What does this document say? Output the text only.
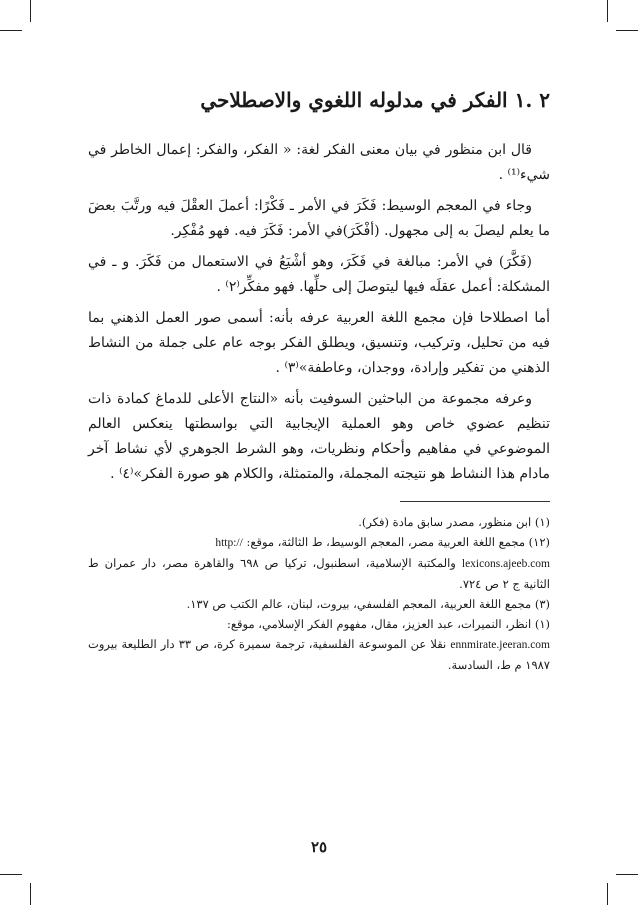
٢ .١ الفكر في مدلوله اللغوي والاصطلاحي

قال ابن منظور في بيان معنى الفكر لغة: « الفكر، والفكر: إعمال الخاطر في شيء⁽¹⁾ .

وجاء في المعجم الوسيط: فَكَرَ في الأمر ـ فَكْرًا: أعملَ العقْلَ فيه ورتَّبَ بعضَ ما يعلم ليصلَ به إلى مجهول. (أفْكَرَ)في الأمر: فَكَرَ فيه. فهو مُفْكِر.

(فَكَّرَ) في الأمر: مبالغة في فَكَرَ، وهو أشْيَعُ في الاستعمال من فَكَرَ. و ـ في المشكلة: أعمل عقلَه فيها ليتوصلَ إلى حلِّها. فهو مفكِّر⁽٢⁾ .

أما اصطلاحا فإن مجمع اللغة العربية عرفه بأنه: أسمى صور العمل الذهني بما فيه من تحليل، وتركيب، وتنسيق، ويطلق الفكر بوجه عام على جملة من النشاط الذهني من تفكير وإرادة، ووجدان، وعاطفة»⁽٣⁾ .

وعرفه مجموعة من الباحثين السوفيت بأنه «النتاج الأعلى للدماغ كمادة ذات تنظيم عضوي خاص وهو العملية الإيجابية التي بواسطتها ينعكس العالم الموضوعي في مفاهيم وأحكام ونظريات، وهو الشرط الجوهري لأي نشاط آخر مادام هذا النشاط هو نتيجته المجملة، والمتمثلة، والكلام هو صورة الفكر»⁽٤⁾ .

(١) ابن منظور، مصدر سابق مادة (فكر).

(١٢) مجمع اللغة العربية مصر، المعجم الوسيط، ط الثالثة، موقع: http://

lexicons.ajeeb.com والمكتبة الإسلامية، اسطنبول، تركيا ص ٦٩٨ والقاهرة مصر، دار عمران ط الثانية ج ٢ ص ٧٢٤.

(٣) مجمع اللغة العربية، المعجم الفلسفي، بيروت، لبنان، عالم الكتب ص ١٣٧.

(١) انظر، النميرات، عبد العزيز، مقال، مفهوم الفكر الإسلامي، موقع:

ennmirate.jeeran.com نقلا عن الموسوعة الفلسفية، ترجمة سميرة كرة، ص ٣٣ دار الطليعة بيروت ١٩٨٧ م ط، السادسة.

٢٥
